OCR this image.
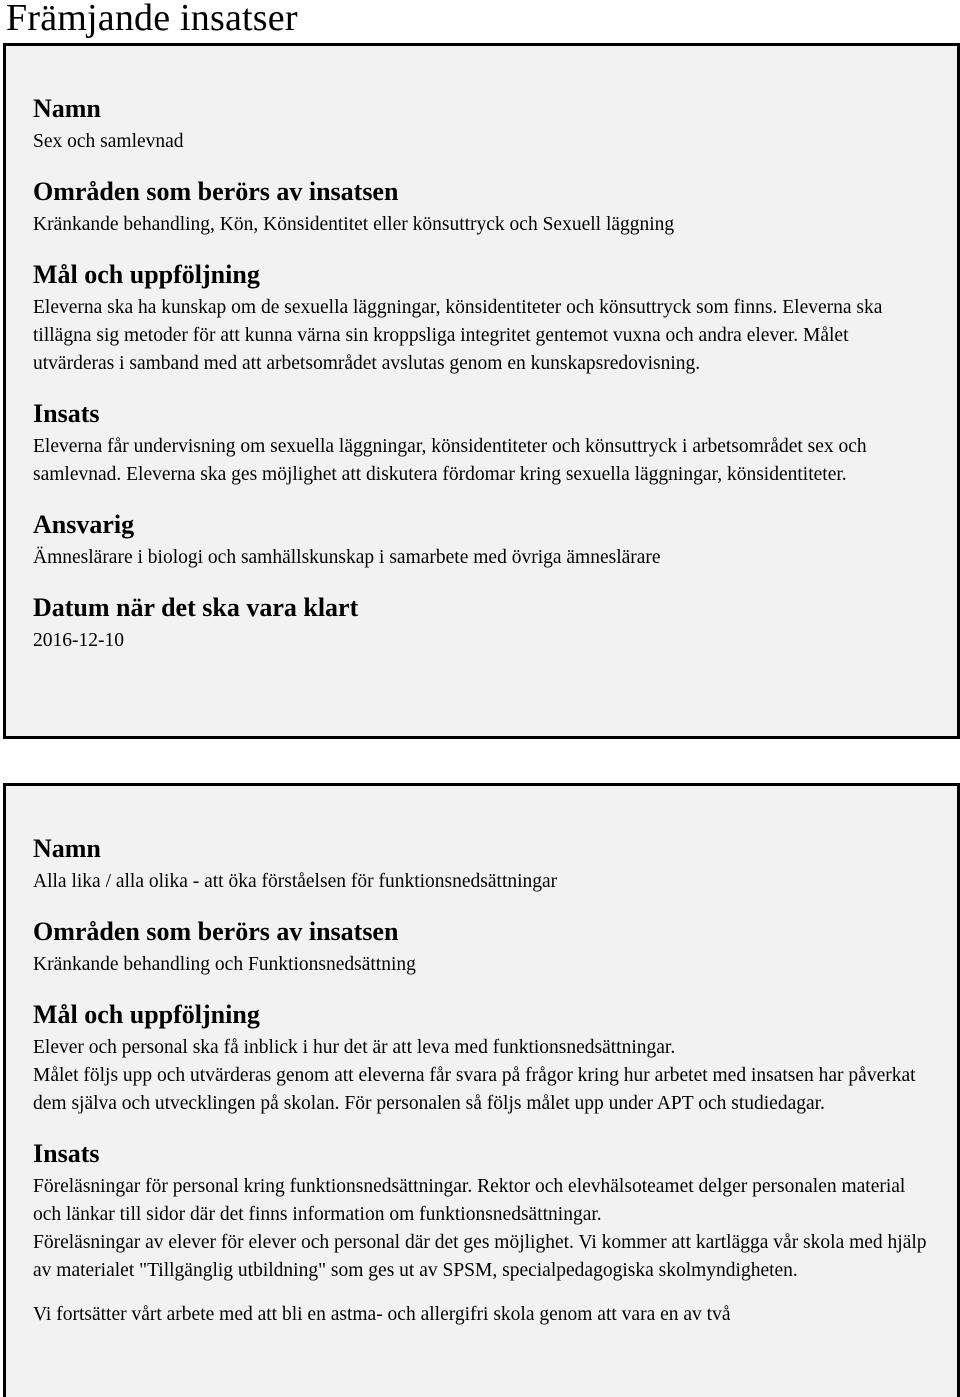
Främjande insatser
Namn
Sex och samlevnad
Områden som berörs av insatsen
Kränkande behandling, Kön, Könsidentitet eller könsuttryck och Sexuell läggning
Mål och uppföljning
Eleverna ska ha kunskap om de sexuella läggningar, könsidentiteter och könsuttryck som finns. Eleverna ska tillägna sig metoder för att kunna värna sin kroppsliga integritet gentemot vuxna och andra elever. Målet utvärderas i samband med att arbetsområdet avslutas genom en kunskapsredovisning.
Insats
Eleverna får undervisning om sexuella läggningar, könsidentiteter och könsuttryck i arbetsområdet sex och samlevnad. Eleverna ska ges möjlighet att diskutera fördomar kring sexuella läggningar, könsidentiteter.
Ansvarig
Ämneslärare i biologi och samhällskunskap i samarbete med övriga ämneslärare
Datum när det ska vara klart
2016-12-10
Namn
Alla lika / alla olika - att öka förståelsen för funktionsnedsättningar
Områden som berörs av insatsen
Kränkande behandling och Funktionsnedsättning
Mål och uppföljning
Elever och personal ska få inblick i hur det är att leva med funktionsnedsättningar.
Målet följs upp och utvärderas genom att eleverna får svara på frågor kring hur arbetet med insatsen har påverkat dem själva och utvecklingen på skolan. För personalen så följs målet upp under APT och studiedagar.
Insats
Föreläsningar för personal kring funktionsnedsättningar. Rektor och elevhälsoteamet delger personalen material och länkar till sidor där det finns information om funktionsnedsättningar.
Föreläsningar av elever för elever och personal där det ges möjlighet. Vi kommer att kartlägga vår skola med hjälp av materialet "Tillgänglig utbildning" som ges ut av SPSM, specialpedagogiska skolmyndigheten.
Vi fortsätter vårt arbete med att bli en astma- och allergifri skola genom att vara en av två
